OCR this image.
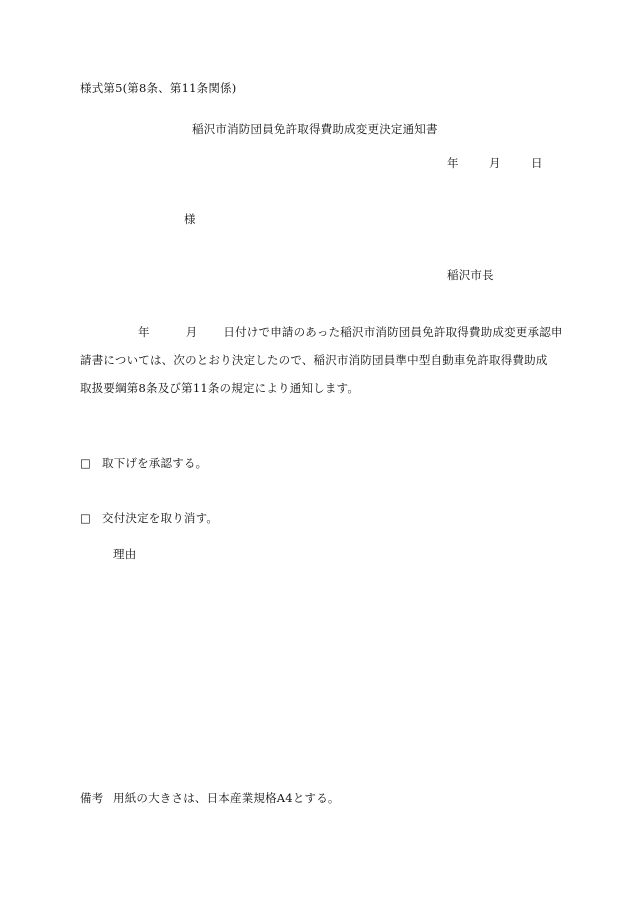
様式第5(第8条、第11条関係)
稲沢市消防団員免許取得費助成変更決定通知書
年	月	日
様
稲沢市長
年	月 日付けで申請のあった稲沢市消防団員免許取得費助成変更承認申
請書については、次のとおり決定したので、稲沢市消防団員準中型自動車免許取得費助成
取扱要綱第8条及び第11条の規定により通知します。
□ 取下げを承認する。
□ 交付決定を取り消す。
理由
備考 用紙の大きさは、日本産業規格A4とする。
